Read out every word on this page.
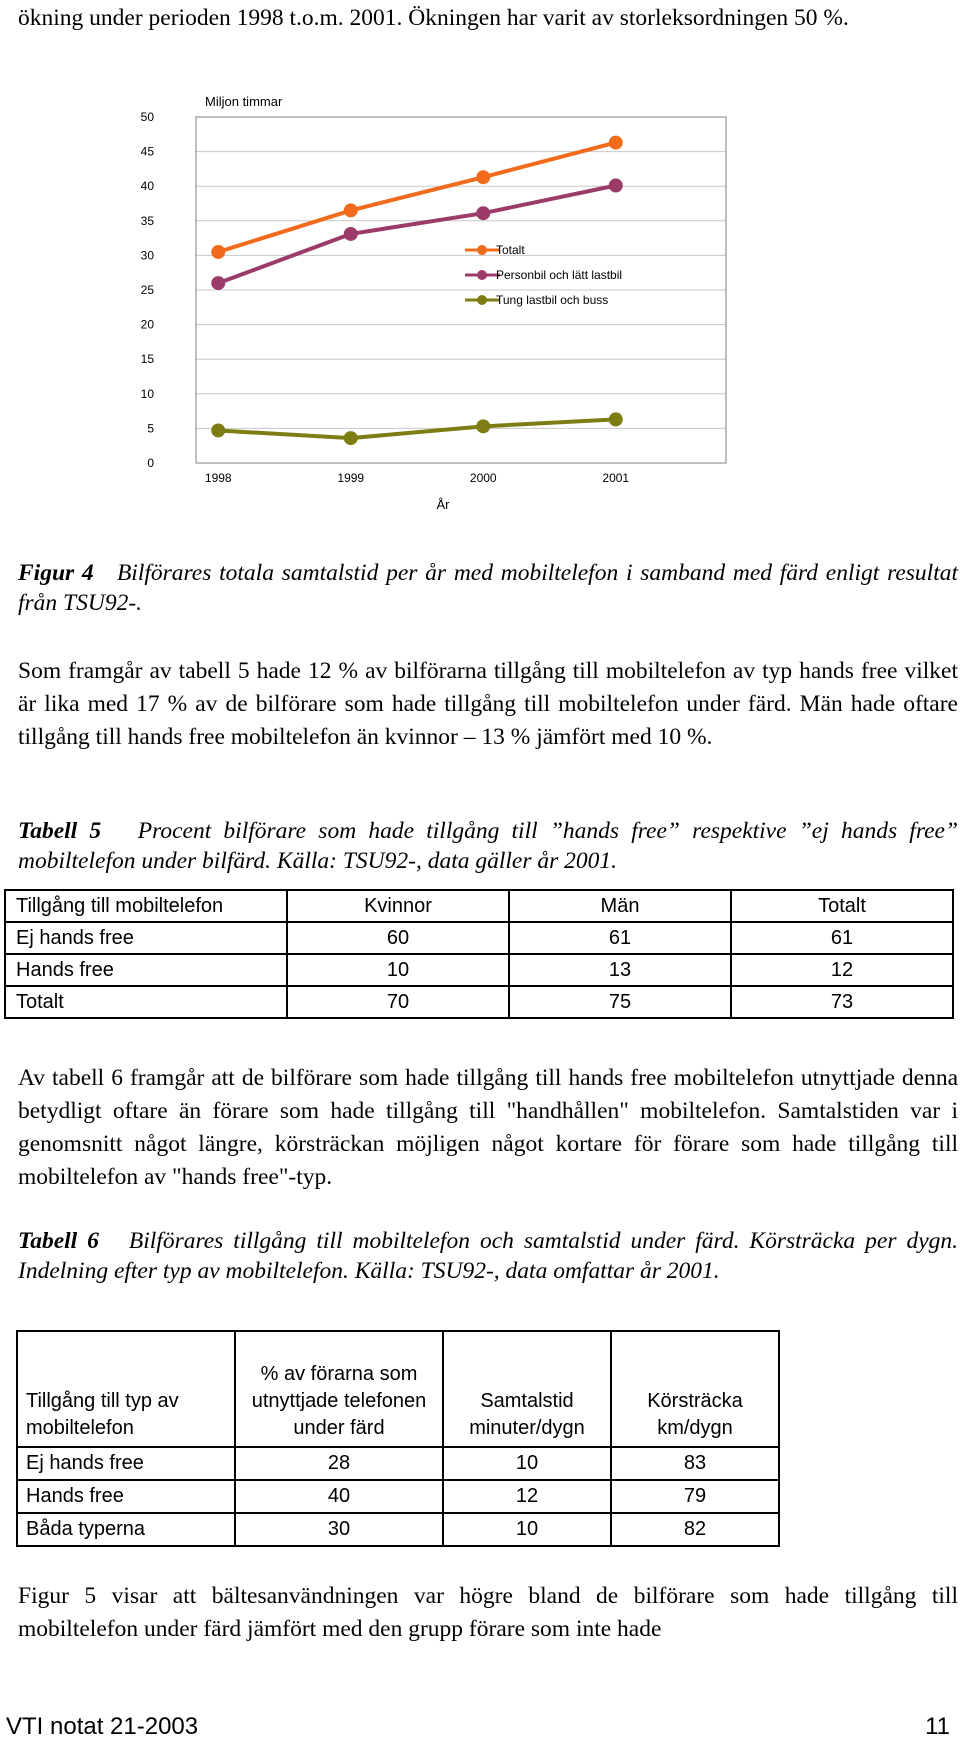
ökning under perioden 1998 t.o.m. 2001. Ökningen har varit av storleksordningen 50 %.
Miljon timmar
0
5
10
15
20
25
30
35
40
45
50
1998	1999	2000	2001
År
Totalt
Personbil och lätt lastbil
Tung lastbil och buss
Figur 4 Bilförares totala samtalstid per år med mobiltelefon i samband med färd enligt resultat från TSU92-.
Som framgår av tabell 5 hade 12 % av bilförarna tillgång till mobiltelefon av typ hands free vilket är lika med 17 % av de bilförare som hade tillgång till mobiltelefon under färd. Män hade oftare tillgång till hands free mobiltelefon än kvinnor – 13 % jämfört med 10 %.
Tabell 5 Procent bilförare som hade tillgång till ”hands free” respektive ”ej hands free” mobiltelefon under bilfärd. Källa: TSU92-, data gäller år 2001.
Tillgång till mobiltelefon	Kvinnor	Män	Totalt
Ej hands free	60	61	61
Hands free	10	13	12
Totalt	70	75	73
Av tabell 6 framgår att de bilförare som hade tillgång till hands free mobiltelefon utnyttjade denna betydligt oftare än förare som hade tillgång till "handhållen" mobiltelefon. Samtalstiden var i genomsnitt något längre, körsträckan möjligen något kortare för förare som hade tillgång till mobiltelefon av "hands free"-typ.
Tabell 6 Bilförares tillgång till mobiltelefon och samtalstid under färd. Körsträcka per dygn. Indelning efter typ av mobiltelefon. Källa: TSU92-, data omfattar år 2001.
Tillgång till typ av mobiltelefon	% av förarna som utnyttjade telefonen under färd	Samtalstid minuter/dygn	Körsträcka km/dygn
Ej hands free	28	10	83
Hands free	40	12	79
Båda typerna	30	10	82
Figur 5 visar att bältesanvändningen var högre bland de bilförare som hade tillgång till mobiltelefon under färd jämfört med den grupp förare som inte hade
VTI notat 21-2003	11
